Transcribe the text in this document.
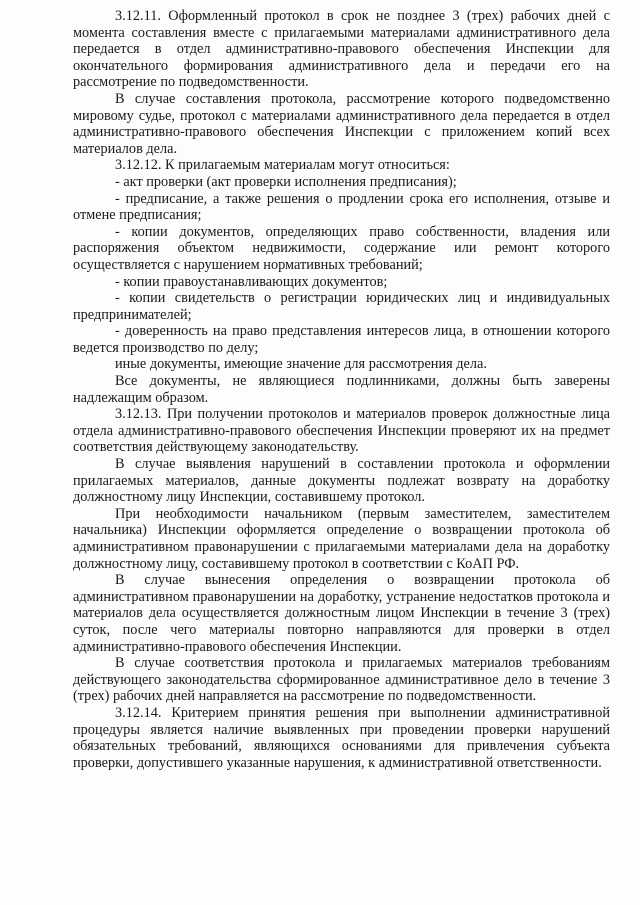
3.12.11. Оформленный протокол в срок не позднее 3 (трех) рабочих дней с момента составления вместе с прилагаемыми материалами административного дела передается в отдел административно-правового обеспечения Инспекции для окончательного формирования административного дела и передачи его на рассмотрение по подведомственности.

В случае составления протокола, рассмотрение которого подведомственно мировому судье, протокол с материалами административного дела передается в отдел административно-правового обеспечения Инспекции с приложением копий всех материалов дела.

3.12.12. К прилагаемым материалам могут относиться:

- акт проверки (акт проверки исполнения предписания);

- предписание, а также решения о продлении срока его исполнения, отзыве и отмене предписания;

- копии документов, определяющих право собственности, владения или распоряжения объектом недвижимости, содержание или ремонт которого осуществляется с нарушением нормативных требований;

- копии правоустанавливающих документов;

- копии свидетельств о регистрации юридических лиц и индивидуальных предпринимателей;

- доверенность на право представления интересов лица, в отношении которого ведется производство по делу;

иные документы, имеющие значение для рассмотрения дела.

Все документы, не являющиеся подлинниками, должны быть заверены надлежащим образом.

3.12.13. При получении протоколов и материалов проверок должностные лица отдела административно-правового обеспечения Инспекции проверяют их на предмет соответствия действующему законодательству.

В случае выявления нарушений в составлении протокола и оформлении прилагаемых материалов, данные документы подлежат возврату на доработку должностному лицу Инспекции, составившему протокол.

При необходимости начальником (первым заместителем, заместителем начальника) Инспекции оформляется определение о возвращении протокола об административном правонарушении с прилагаемыми материалами дела на доработку должностному лицу, составившему протокол в соответствии с КоАП РФ.

В случае вынесения определения о возвращении протокола об административном правонарушении на доработку, устранение недостатков протокола и материалов дела осуществляется должностным лицом Инспекции в течение 3 (трех) суток, после чего материалы повторно направляются для проверки в отдел административно-правового обеспечения Инспекции.

В случае соответствия протокола и прилагаемых материалов требованиям действующего законодательства сформированное административное дело в течение 3 (трех) рабочих дней направляется на рассмотрение по подведомственности.

3.12.14. Критерием принятия решения при выполнении административной процедуры является наличие выявленных при проведении проверки нарушений обязательных требований, являющихся основаниями для привлечения субъекта проверки, допустившего указанные нарушения, к административной ответственности.
